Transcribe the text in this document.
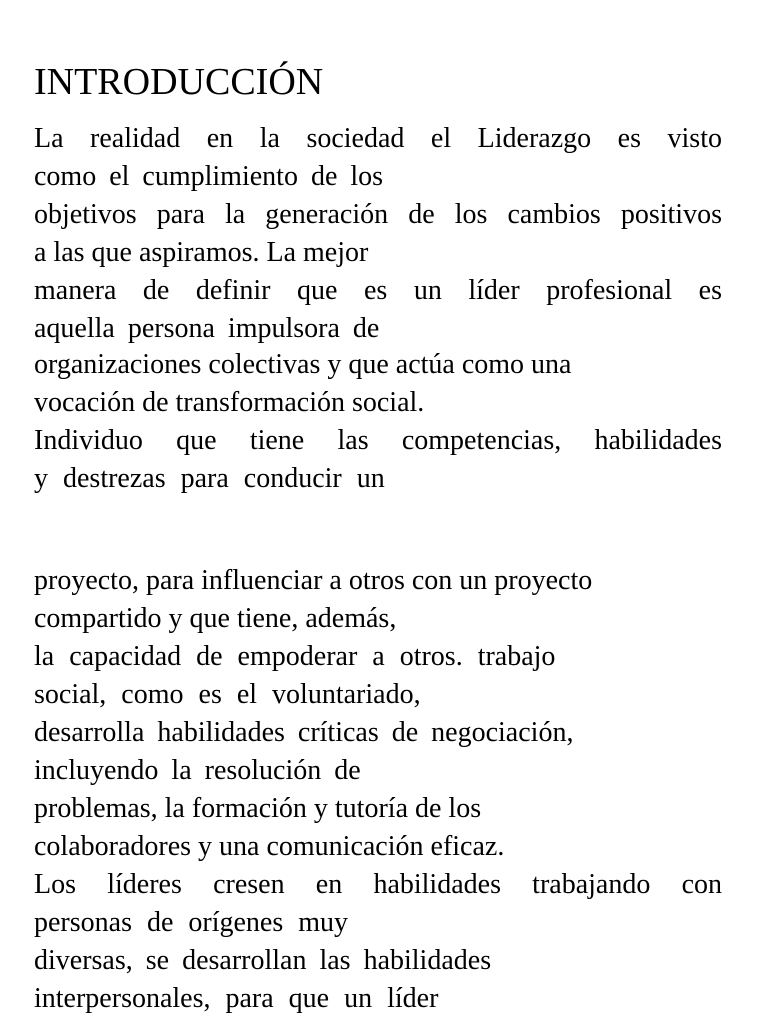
INTRODUCCIÓN
La realidad en la sociedad el Liderazgo es visto
como el cumplimiento de los
objetivos para la generación de los cambios positivos
a las que aspiramos. La mejor
manera de definir que es un líder profesional es
aquella persona impulsora de
organizaciones colectivas y que actúa como una
vocación de transformación social.
Individuo que tiene las competencias, habilidades
y destrezas para conducir un
proyecto, para influenciar a otros con un proyecto
compartido y que tiene, además,
la capacidad de empoderar a otros. trabajo
social, como es el voluntariado,
desarrolla habilidades críticas de negociación,
incluyendo la resolución de
problemas, la formación y tutoría de los
colaboradores y una comunicación eficaz.
Los líderes cresen en habilidades trabajando con
personas de orígenes muy
diversas, se desarrollan las habilidades
interpersonales, para que un líder
